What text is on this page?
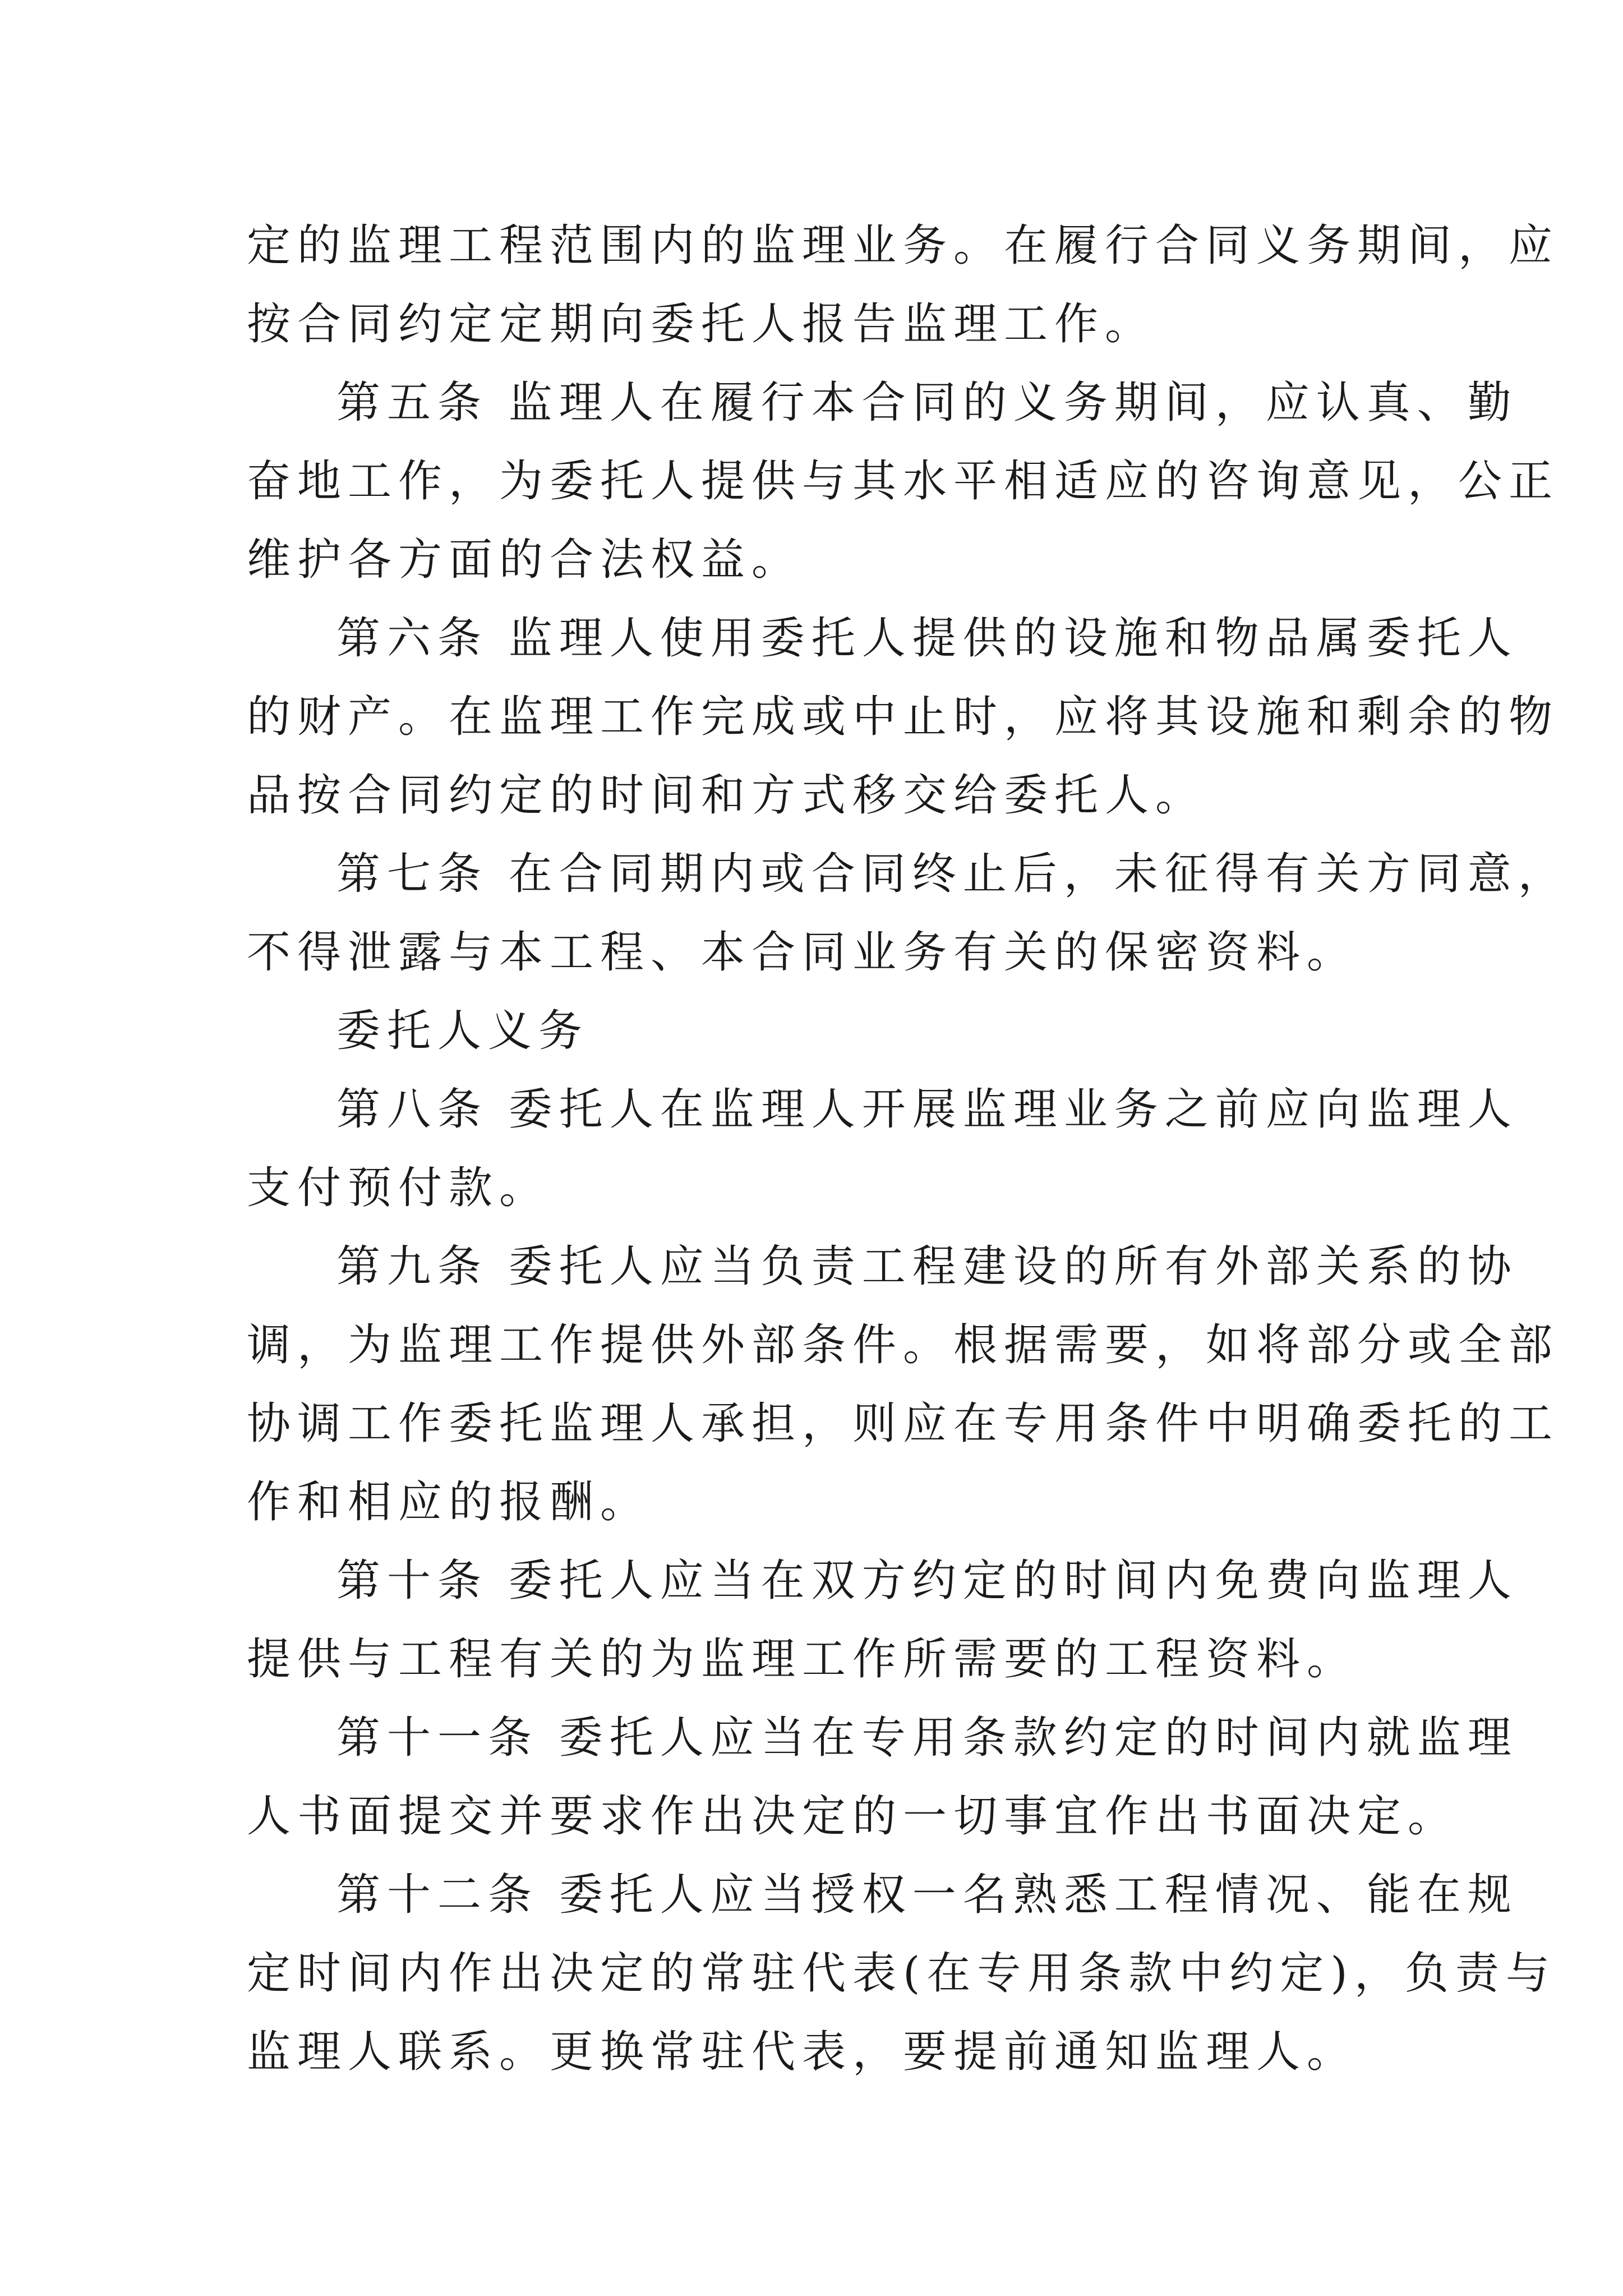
定的监理工程范围内的监理业务。在履行合同义务期间，应
按合同约定定期向委托人报告监理工作。
第五条 监理人在履行本合同的义务期间，应认真、勤
奋地工作，为委托人提供与其水平相适应的咨询意见，公正
维护各方面的合法权益。
第六条 监理人使用委托人提供的设施和物品属委托人
的财产。在监理工作完成或中止时，应将其设施和剩余的物
品按合同约定的时间和方式移交给委托人。
第七条 在合同期内或合同终止后，未征得有关方同意，
不得泄露与本工程、本合同业务有关的保密资料。
委托人义务
第八条 委托人在监理人开展监理业务之前应向监理人
支付预付款。
第九条 委托人应当负责工程建设的所有外部关系的协
调，为监理工作提供外部条件。根据需要，如将部分或全部
协调工作委托监理人承担，则应在专用条件中明确委托的工
作和相应的报酬。
第十条 委托人应当在双方约定的时间内免费向监理人
提供与工程有关的为监理工作所需要的工程资料。
第十一条 委托人应当在专用条款约定的时间内就监理
人书面提交并要求作出决定的一切事宜作出书面决定。
第十二条 委托人应当授权一名熟悉工程情况、能在规
定时间内作出决定的常驻代表(在专用条款中约定)，负责与
监理人联系。更换常驻代表，要提前通知监理人。
